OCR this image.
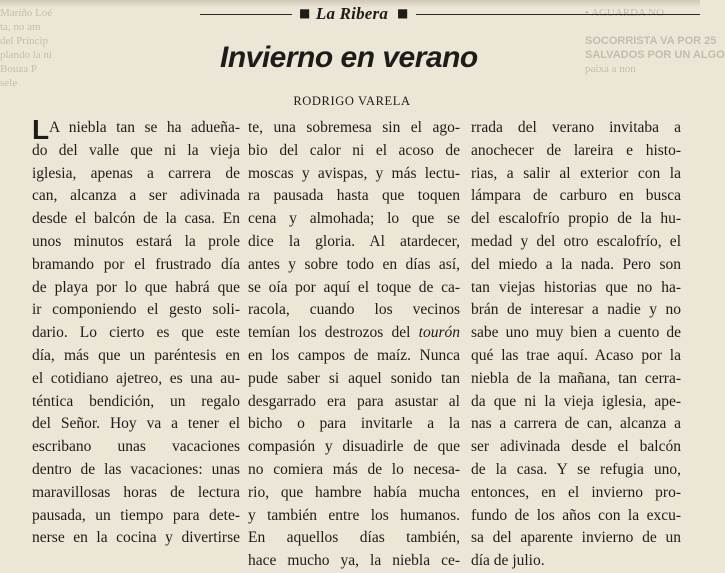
Mariño Loé
ta, no am
del Príncip
plando la ni
Bouza P
sele
• AGUARDA NO
SOCORRISTA VA POR 25
SALVADOS POR UN ALGO
paixa a non
■ La Ribera ■
Invierno en verano
RODRIGO VARELA
L A niebla tan se ha adueña-
do del valle que ni la vieja
iglesia, apenas a carrera de
can, alcanza a ser adivinada
desde el balcón de la casa. En
unos minutos estará la prole
bramando por el frustrado día
de playa por lo que habrá que
ir componiendo el gesto soli-
dario. Lo cierto es que este
día, más que un paréntesis en
el cotidiano ajetreo, es una au-
téntica bendición, un regalo
del Señor. Hoy va a tener el
escribano unas vacaciones
dentro de las vacaciones: unas
maravillosas horas de lectura
pausada, un tiempo para dete-
nerse en la cocina y divertirse
te, una sobremesa sin el ago-
bio del calor ni el acoso de
moscas y avispas, y más lectu-
ra pausada hasta que toquen
cena y almohada; lo que se
dice la gloria. Al atardecer,
antes y sobre todo en días así,
se oía por aquí el toque de ca-
racola, cuando los vecinos
temían los destrozos del tourón
en los campos de maíz. Nunca
pude saber si aquel sonido tan
desgarrado era para asustar al
bicho o para invitarle a la
compasión y disuadirle de que
no comiera más de lo necesa-
rio, que hambre había mucha
y también entre los humanos.
En aquellos días también,
hace mucho ya, la niebla ce-
rrada del verano invitaba a
anochecer de lareira e histo-
rias, a salir al exterior con la
lámpara de carburo en busca
del escalofrío propio de la hu-
medad y del otro escalofrío, el
del miedo a la nada. Pero son
tan viejas historias que no ha-
brán de interesar a nadie y no
sabe uno muy bien a cuento de
qué las trae aquí. Acaso por la
niebla de la mañana, tan cerra-
da que ni la vieja iglesia, ape-
nas a carrera de can, alcanza a
ser adivinada desde el balcón
de la casa. Y se refugia uno,
entonces, en el invierno pro-
fundo de los años con la excu-
sa del aparente invierno de un
día de julio.
